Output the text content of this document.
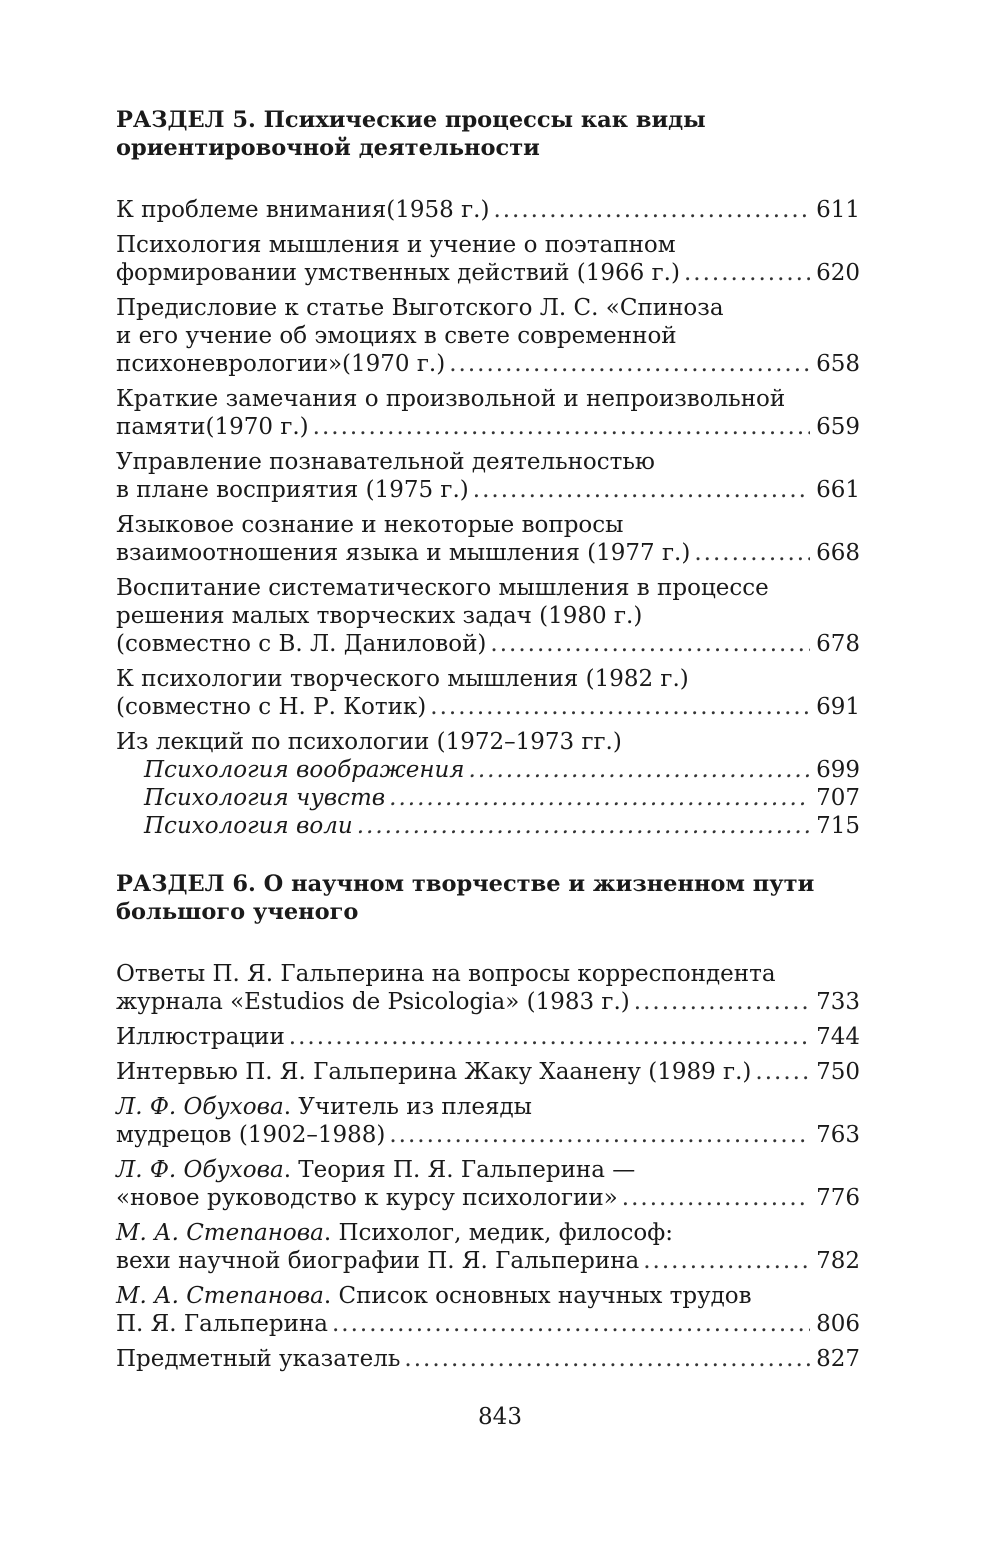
РАЗДЕЛ 5. Психические процессы как виды
ориентировочной деятельности
К проблеме внимания(1958 г.) .....	611
Психология мышления и учение о поэтапном
формировании умственных действий (1966 г.) .....	620
Предисловие к статье Выготского Л. С. «Спиноза
и его учение об эмоциях в свете современной
психоневрологии»(1970 г.) .....	658
Краткие замечания о произвольной и непроизвольной
памяти(1970 г.) .....	659
Управление познавательной деятельностью
в плане восприятия (1975 г.) .....	661
Языковое сознание и некоторые вопросы
взаимоотношения языка и мышления (1977 г.) .....	668
Воспитание систематического мышления в процессе
решения малых творческих задач (1980 г.)
(совместно с В. Л. Даниловой) .....	678
К психологии творческого мышления (1982 г.)
(совместно с Н. Р. Котик) .....	691
Из лекций по психологии (1972–1973 гг.)
Психология воображения .....	699
Психология чувств .....	707
Психология воли .....	715
РАЗДЕЛ 6. О научном творчестве и жизненном пути
большого ученого
Ответы П. Я. Гальперина на вопросы корреспондента
журнала «Estudios de Psicologia» (1983 г.) .....	733
Иллюстрации .....	744
Интервью П. Я. Гальперина Жаку Хаанену (1989 г.) .....	750
Л. Ф. Обухова. Учитель из плеяды
мудрецов (1902–1988) .....	763
Л. Ф. Обухова. Теория П. Я. Гальперина —
«новое руководство к курсу психологии» .....	776
М. А. Степанова. Психолог, медик, философ:
вехи научной биографии П. Я. Гальперина .....	782
М. А. Степанова. Список основных научных трудов
П. Я. Гальперина .....	806
Предметный указатель .....	827
843
